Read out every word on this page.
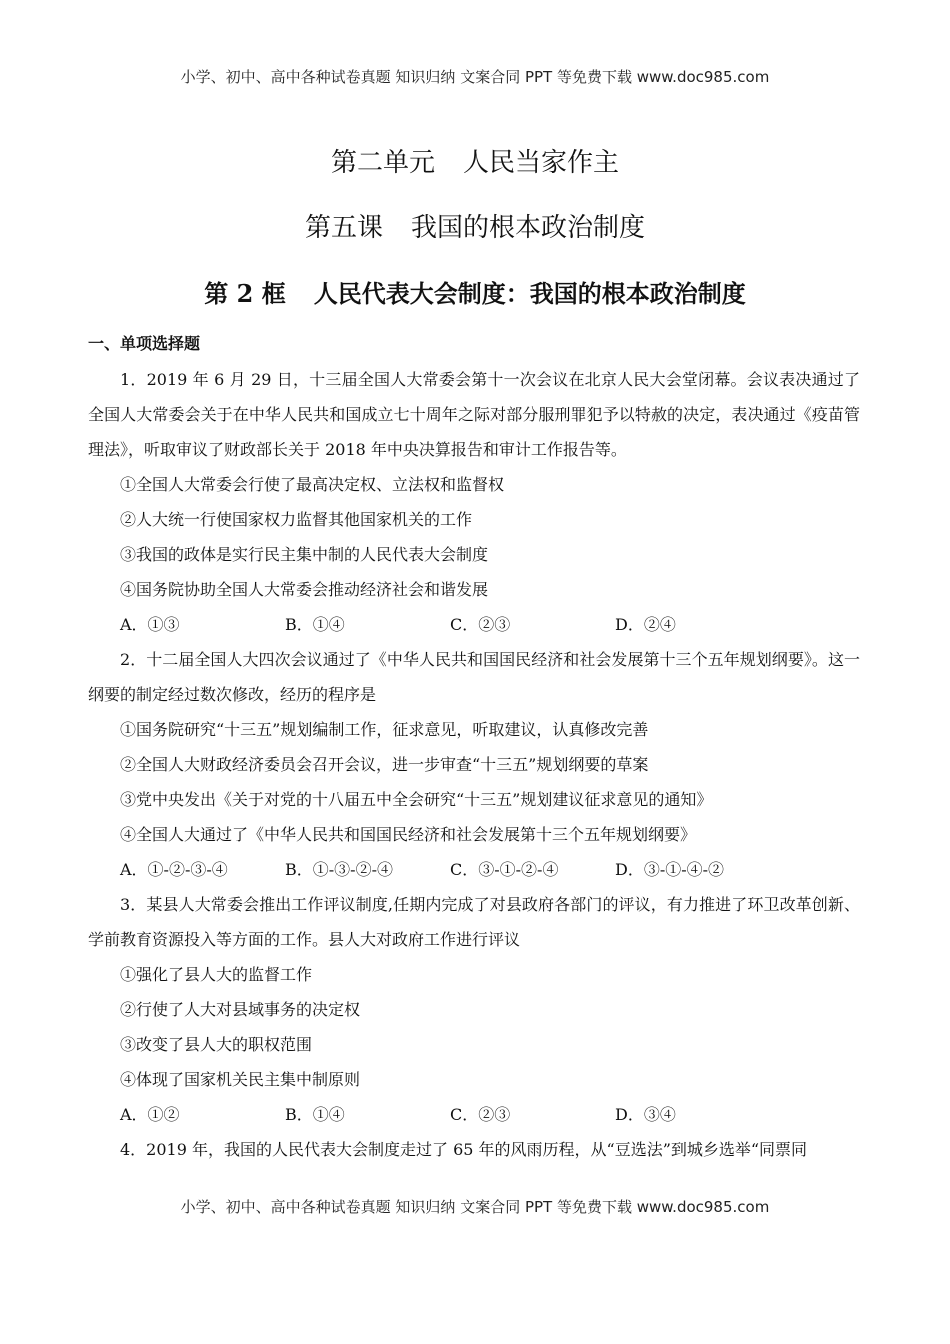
小学、初中、高中各种试卷真题 知识归纳 文案合同 PPT 等免费下载 www.doc985.com
第二单元 人民当家作主
第五课 我国的根本政治制度
第 2 框 人民代表大会制度：我国的根本政治制度
一、单项选择题
1．2019 年 6 月 29 日，十三届全国人大常委会第十一次会议在北京人民大会堂闭幕。会议表决通过了全国人大常委会关于在中华人民共和国成立七十周年之际对部分服刑罪犯予以特赦的决定，表决通过《疫苗管理法》，听取审议了财政部长关于 2018 年中央决算报告和审计工作报告等。
①全国人大常委会行使了最高决定权、立法权和监督权
②人大统一行使国家权力监督其他国家机关的工作
③我国的政体是实行民主集中制的人民代表大会制度
④国务院协助全国人大常委会推动经济社会和谐发展
A．①③	B．①④	C．②③	D．②④
2．十二届全国人大四次会议通过了《中华人民共和国国民经济和社会发展第十三个五年规划纲要》。这一纲要的制定经过数次修改，经历的程序是
①国务院研究“十三五”规划编制工作，征求意见，听取建议，认真修改完善
②全国人大财政经济委员会召开会议，进一步审查“十三五”规划纲要的草案
③党中央发出《关于对党的十八届五中全会研究“十三五”规划建议征求意见的通知》
④全国人大通过了《中华人民共和国国民经济和社会发展第十三个五年规划纲要》
A．①-②-③-④	B．①-③-②-④	C．③-①-②-④	D．③-①-④-②
3．某县人大常委会推出工作评议制度,任期内完成了对县政府各部门的评议，有力推进了环卫改革创新、学前教育资源投入等方面的工作。县人大对政府工作进行评议
①强化了县人大的监督工作
②行使了人大对县域事务的决定权
③改变了县人大的职权范围
④体现了国家机关民主集中制原则
A．①②	B．①④	C．②③	D．③④
4．2019 年，我国的人民代表大会制度走过了 65 年的风雨历程，从“豆选法”到城乡选举“同票同
小学、初中、高中各种试卷真题 知识归纳 文案合同 PPT 等免费下载 www.doc985.com
